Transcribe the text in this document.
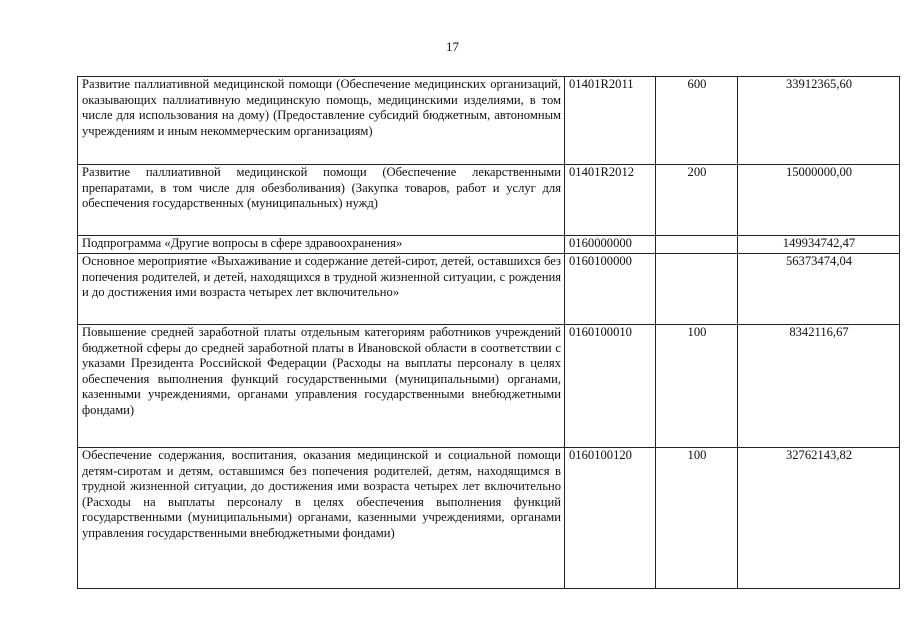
17
Развитие паллиативной медицинской помощи (Обеспечение медицинских организаций, оказывающих паллиативную медицинскую помощь, медицинскими изделиями, в том числе для использования на дому) (Предоставление субсидий бюджетным, автономным учреждениям и иным некоммерческим организациям)	01401R2011	600	33912365,60
Развитие паллиативной медицинской помощи (Обеспечение лекарственными препаратами, в том числе для обезболивания) (Закупка товаров, работ и услуг для обеспечения государственных (муниципальных) нужд)	01401R2012	200	15000000,00
Подпрограмма «Другие вопросы в сфере здравоохранения»	0160000000		149934742,47
Основное мероприятие «Выхаживание и содержание детей-сирот, детей, оставшихся без попечения родителей, и детей, находящихся в трудной жизненной ситуации, с рождения и до достижения ими возраста четырех лет включительно»	0160100000		56373474,04
Повышение средней заработной платы отдельным категориям работников учреждений бюджетной сферы до средней заработной платы в Ивановской области в соответствии с указами Президента Российской Федерации (Расходы на выплаты персоналу в целях обеспечения выполнения функций государственными (муниципальными) органами, казенными учреждениями, органами управления государственными внебюджетными фондами)	0160100010	100	8342116,67
Обеспечение содержания, воспитания, оказания медицинской и социальной помощи детям-сиротам и детям, оставшимся без попечения родителей, детям, находящимся в трудной жизненной ситуации, до достижения ими возраста четырех лет включительно (Расходы на выплаты персоналу в целях обеспечения выполнения функций государственными (муниципальными) органами, казенными учреждениями, органами управления государственными внебюджетными фондами)	0160100120	100	32762143,82
